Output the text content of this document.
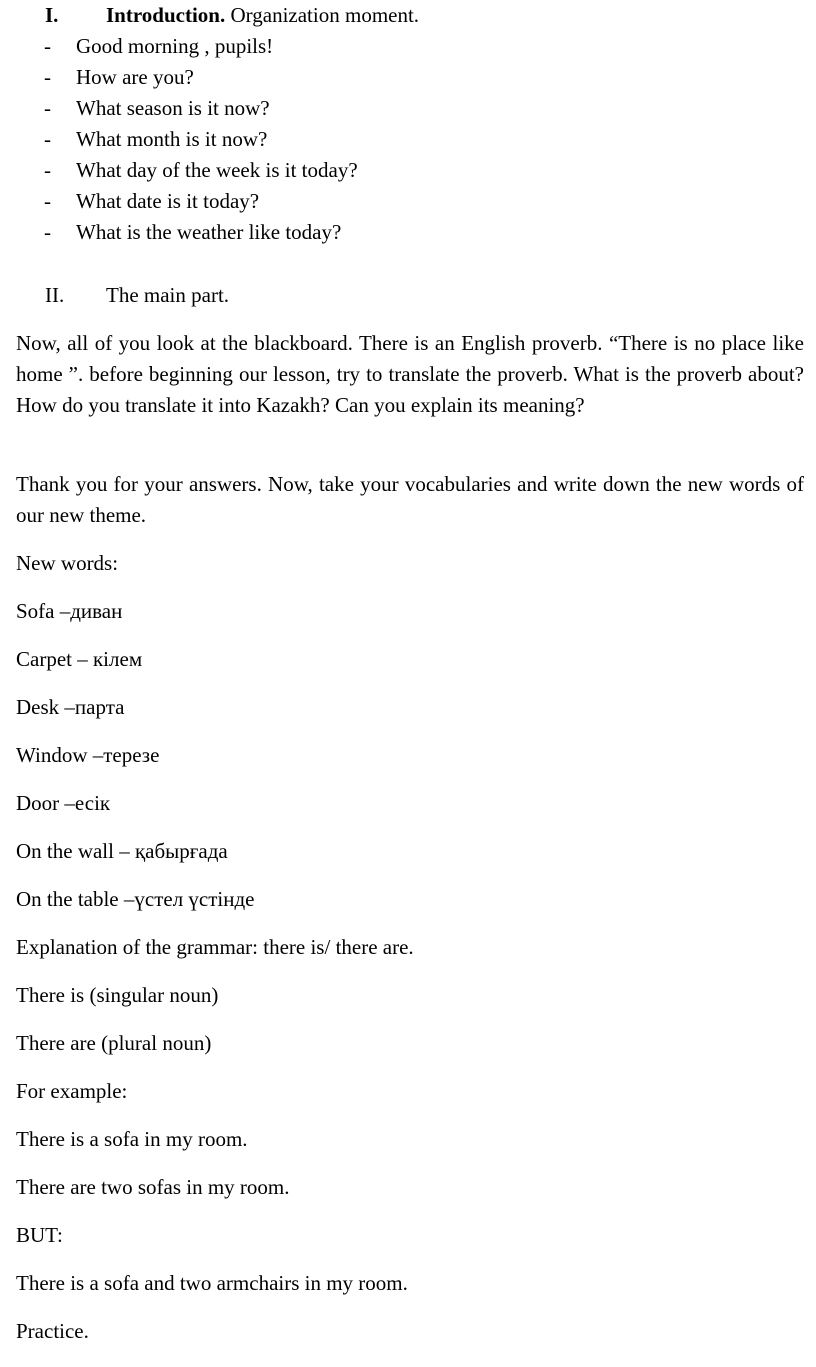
I. Introduction. Organization moment.
- Good morning , pupils!
- How are you?
- What season is it now?
- What month is it now?
- What day of the week is it today?
- What date is it today?
- What is the weather like today?
II. The main part.
Now, all of you look at the blackboard. There is an English proverb. “There is no place like home ”. before beginning our lesson, try to translate the proverb. What is the proverb about? How do you translate it into Kazakh? Can you explain its meaning?
Thank you for your answers. Now, take your vocabularies and write down the new words of our new theme.
New words:
Sofa –диван
Carpet – кілем
Desk –парта
Window –терезе
Door –есік
On the wall – қабырғада
On the table –үстел үстінде
Explanation of the grammar: there is/ there are.
There is (singular noun)
There are (plural noun)
For example:
There is a sofa in my room.
There are two sofas in my room.
BUT:
There is a sofa and two armchairs in my room.
Practice.
